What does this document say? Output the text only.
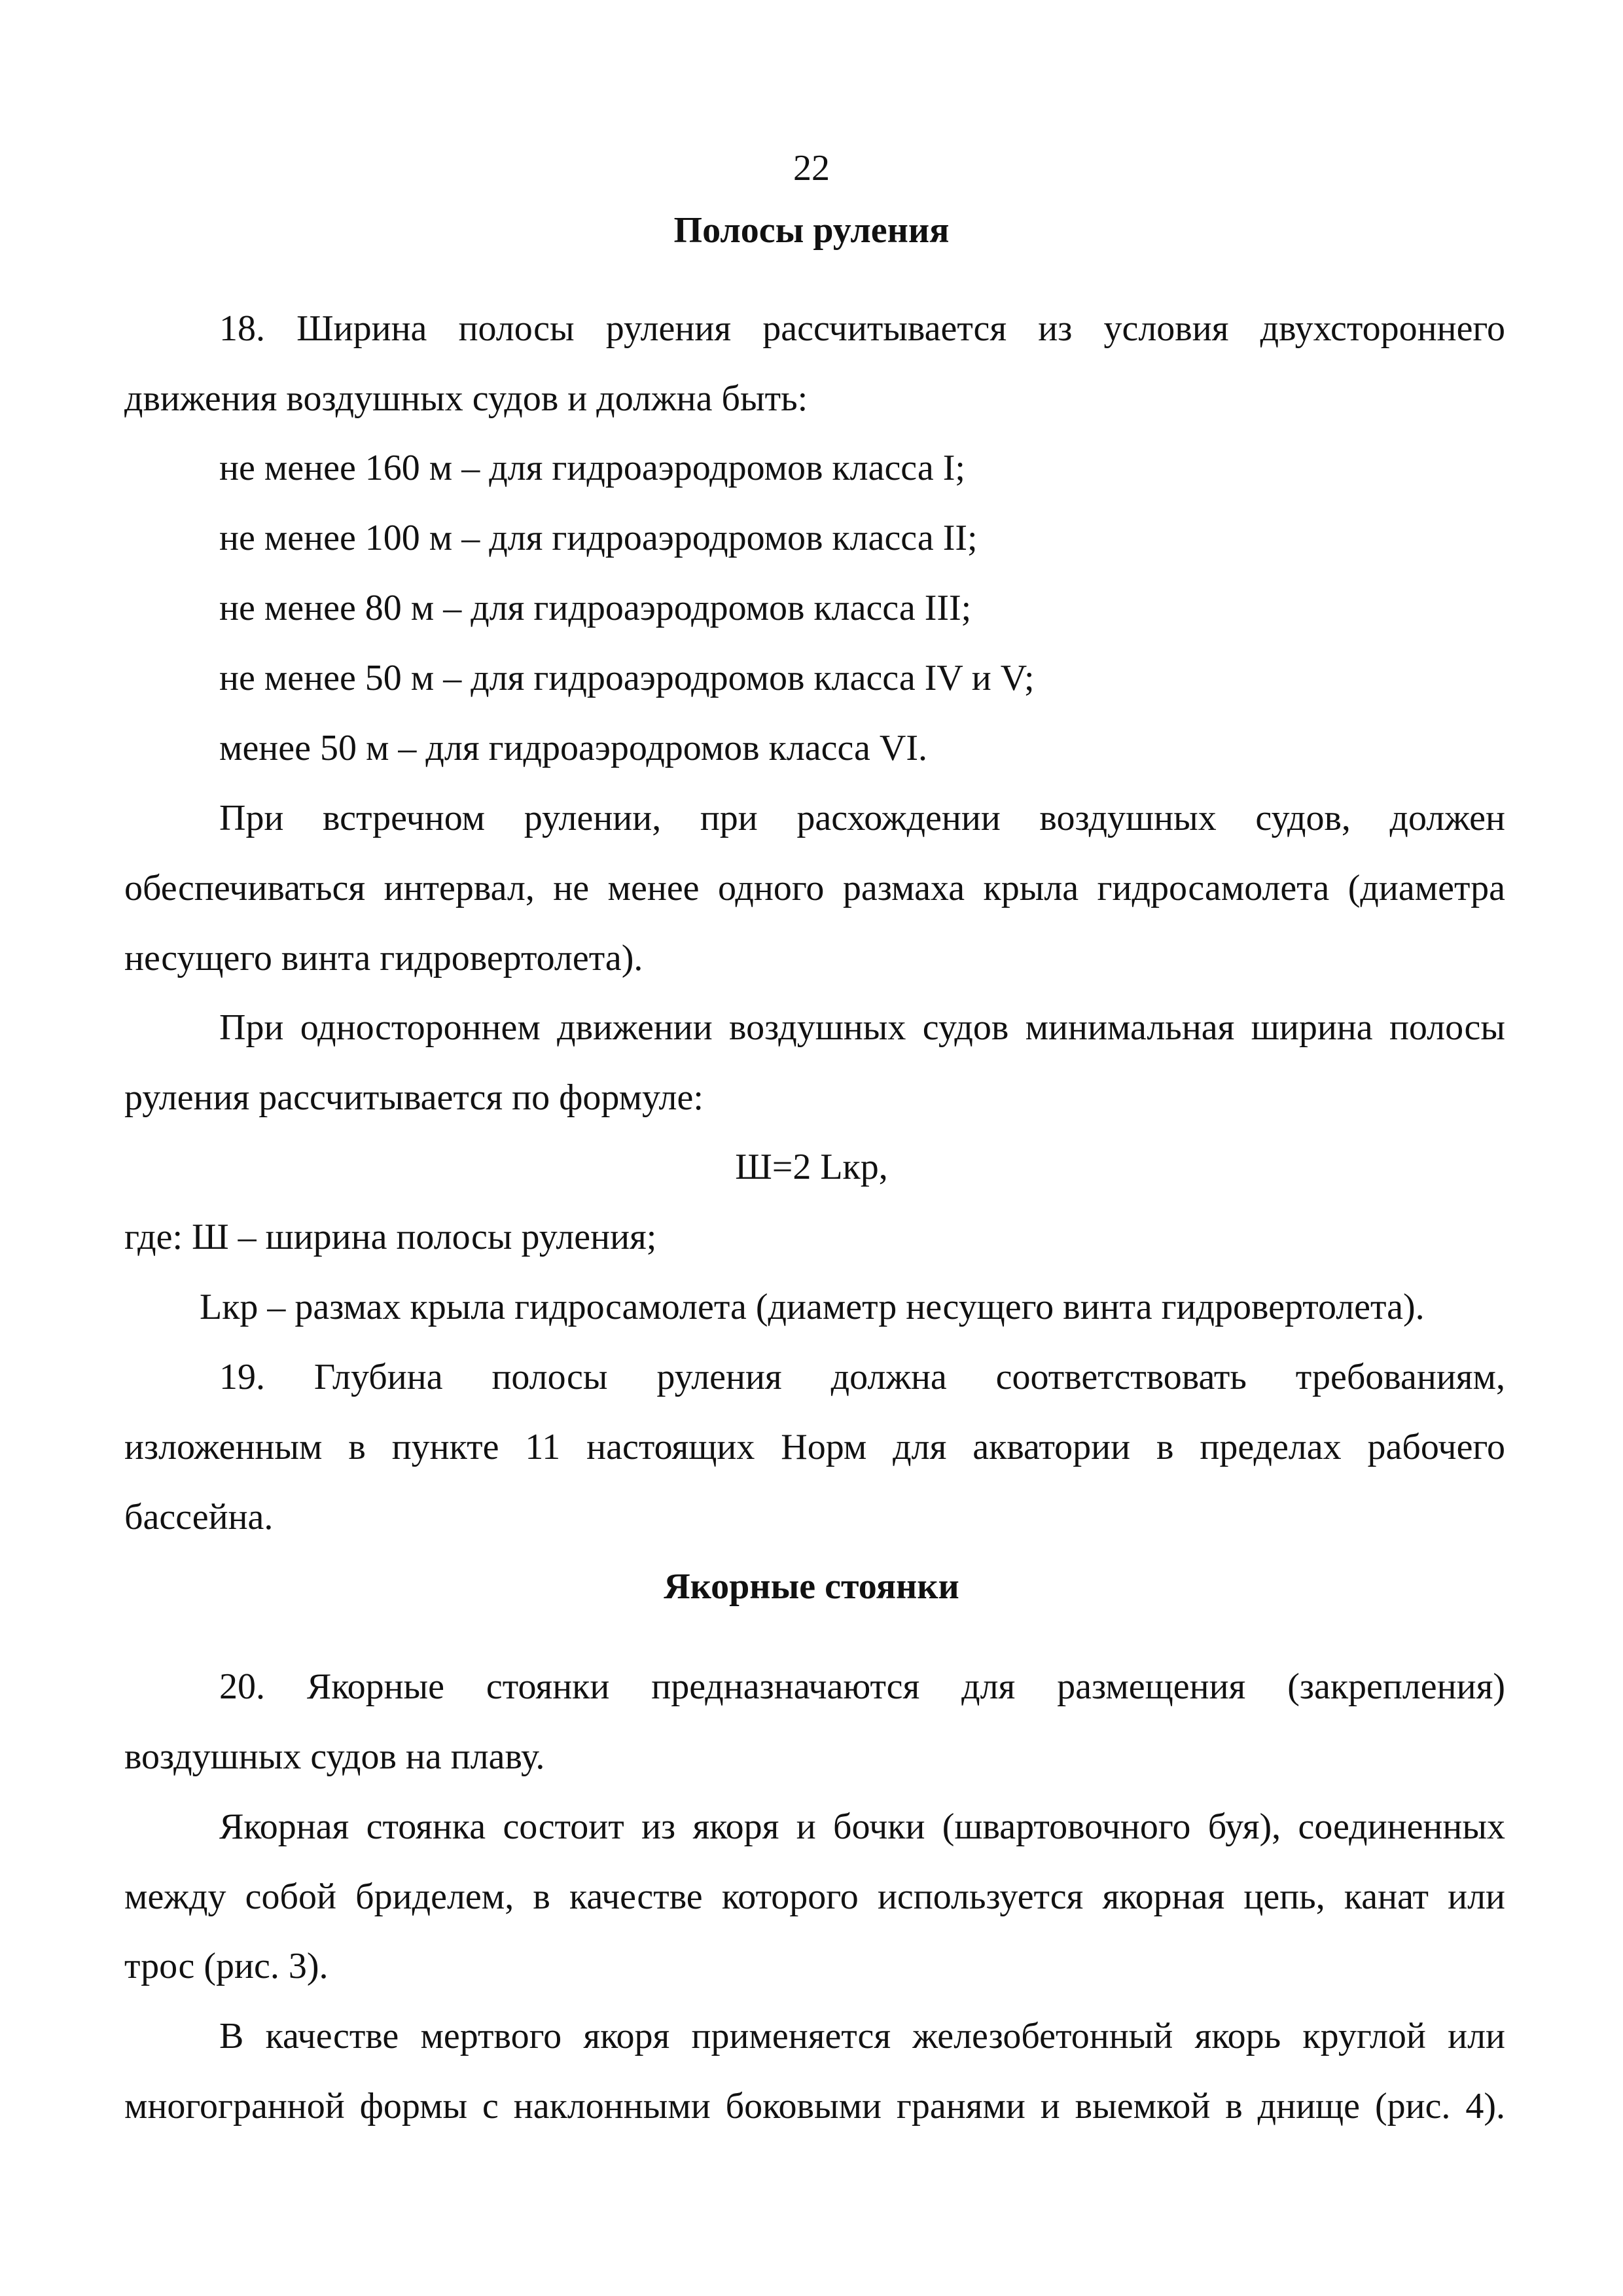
22
Полосы руления
18. Ширина полосы руления рассчитывается из условия двухстороннего
движения воздушных судов и должна быть:
не менее 160 м – для гидроаэродромов класса I;
не менее 100 м – для гидроаэродромов класса II;
не менее 80 м – для гидроаэродромов класса III;
не менее 50 м – для гидроаэродромов класса IV и V;
менее 50 м – для гидроаэродромов класса VI.
При встречном рулении, при расхождении воздушных судов, должен
обеспечиваться интервал, не менее одного размаха крыла гидросамолета (диаметра
несущего винта гидровертолета).
При одностороннем движении воздушных судов минимальная ширина полосы
руления рассчитывается по формуле:
Ш=2 Lкр,
где: Ш – ширина полосы руления;
Lкр – размах крыла гидросамолета (диаметр несущего винта гидровертолета).
19. Глубина полосы руления должна соответствовать требованиям,
изложенным в пункте 11 настоящих Норм для акватории в пределах рабочего
бассейна.
Якорные стоянки
20. Якорные стоянки предназначаются для размещения (закрепления)
воздушных судов на плаву.
Якорная стоянка состоит из якоря и бочки (швартовочного буя), соединенных
между собой бриделем, в качестве которого используется якорная цепь, канат или
трос (рис. 3).
В качестве мертвого якоря применяется железобетонный якорь круглой или
многогранной формы с наклонными боковыми гранями и выемкой в днище (рис. 4).
